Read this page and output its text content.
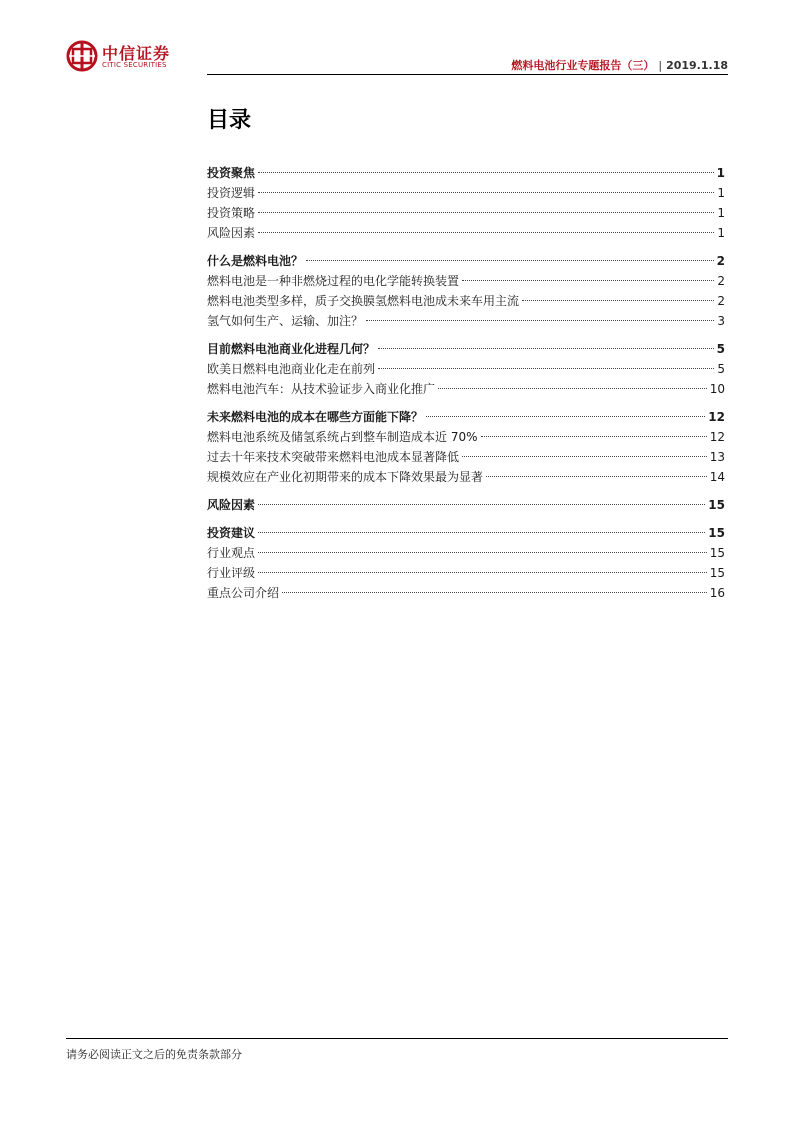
中信证券
CITIC SECURITIES	燃料电池行业专题报告（三） | 2019.1.18
目录
投资聚焦	1
投资逻辑	1
投资策略	1
风险因素	1
什么是燃料电池？	2
燃料电池是一种非燃烧过程的电化学能转换装置	2
燃料电池类型多样，质子交换膜氢燃料电池成未来车用主流	2
氢气如何生产、运输、加注？	3
目前燃料电池商业化进程几何？	5
欧美日燃料电池商业化走在前列	5
燃料电池汽车：从技术验证步入商业化推广	10
未来燃料电池的成本在哪些方面能下降？	12
燃料电池系统及储氢系统占到整车制造成本近 70%	12
过去十年来技术突破带来燃料电池成本显著降低	13
规模效应在产业化初期带来的成本下降效果最为显著	14
风险因素	15
投资建议	15
行业观点	15
行业评级	15
重点公司介绍	16
请务必阅读正文之后的免责条款部分
